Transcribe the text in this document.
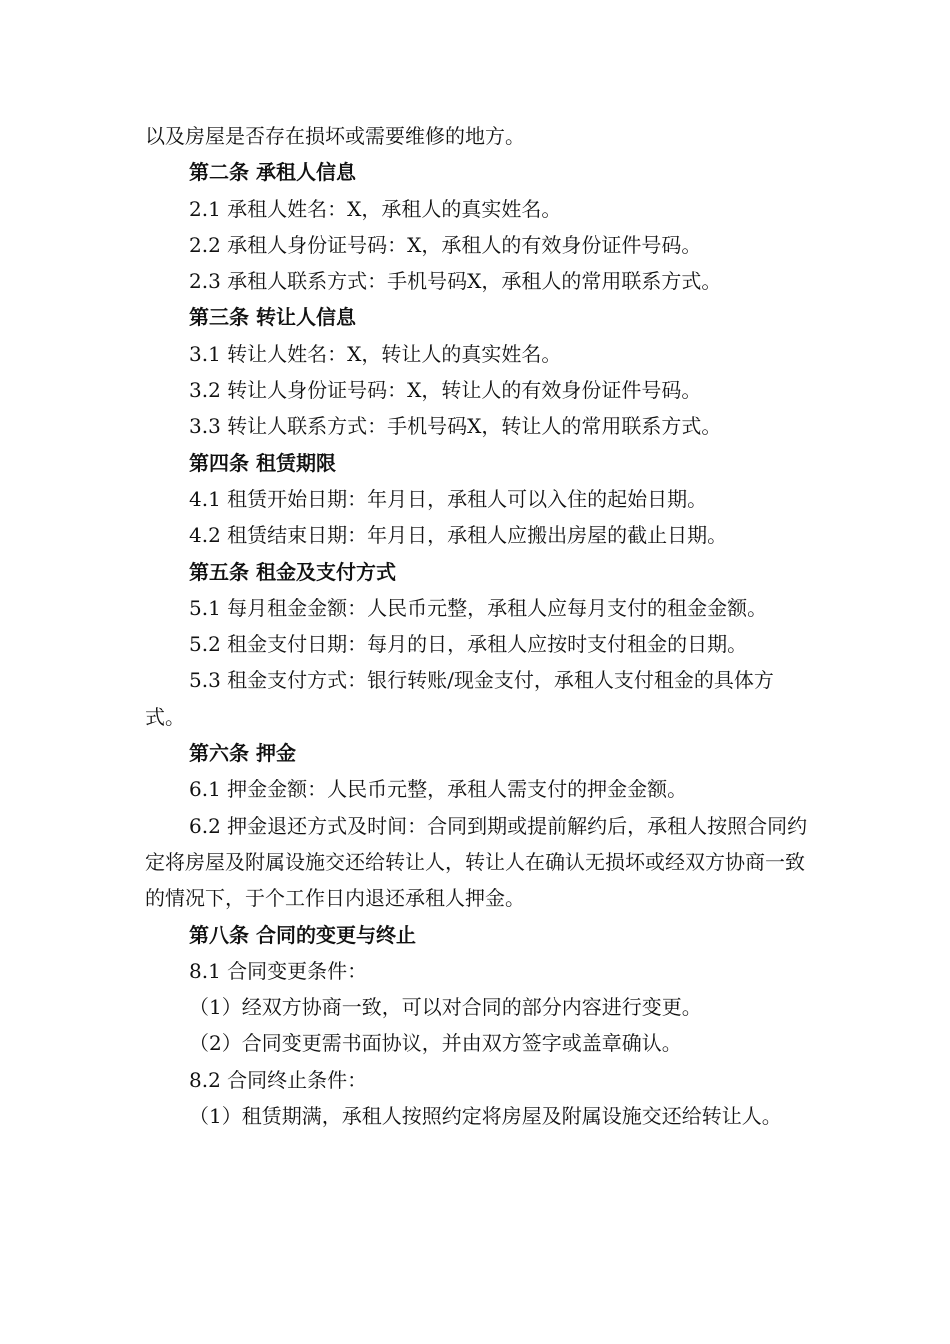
以及房屋是否存在损坏或需要维修的地方。

第二条 承租人信息

2.1 承租人姓名：X，承租人的真实姓名。

2.2 承租人身份证号码：X，承租人的有效身份证件号码。

2.3 承租人联系方式：手机号码X，承租人的常用联系方式。

第三条 转让人信息

3.1 转让人姓名：X，转让人的真实姓名。

3.2 转让人身份证号码：X，转让人的有效身份证件号码。

3.3 转让人联系方式：手机号码X，转让人的常用联系方式。

第四条 租赁期限

4.1 租赁开始日期：年月日，承租人可以入住的起始日期。

4.2 租赁结束日期：年月日，承租人应搬出房屋的截止日期。

第五条 租金及支付方式

5.1 每月租金金额：人民币元整，承租人应每月支付的租金金额。

5.2 租金支付日期：每月的日，承租人应按时支付租金的日期。

5.3 租金支付方式：银行转账/现金支付，承租人支付租金的具体方式。

第六条 押金

6.1 押金金额：人民币元整，承租人需支付的押金金额。

6.2 押金退还方式及时间：合同到期或提前解约后，承租人按照合同约定将房屋及附属设施交还给转让人，转让人在确认无损坏或经双方协商一致的情况下，于个工作日内退还承租人押金。

第八条 合同的变更与终止

8.1 合同变更条件：

（1）经双方协商一致，可以对合同的部分内容进行变更。

（2）合同变更需书面协议，并由双方签字或盖章确认。

8.2 合同终止条件：

（1）租赁期满，承租人按照约定将房屋及附属设施交还给转让人。
